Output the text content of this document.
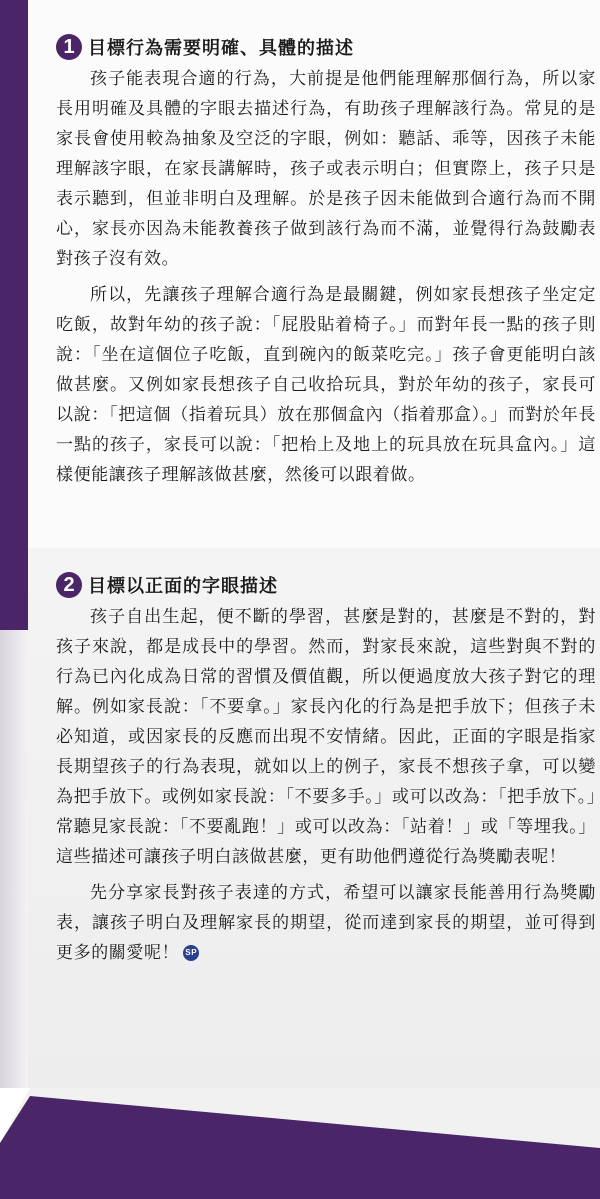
1 目標行為需要明確、具體的描述

孩子能表現合適的行為，大前提是他們能理解那個行為，所以家長用明確及具體的字眼去描述行為，有助孩子理解該行為。常見的是家長會使用較為抽象及空泛的字眼，例如：聽話、乖等，因孩子未能理解該字眼，在家長講解時，孩子或表示明白；但實際上，孩子只是表示聽到，但並非明白及理解。於是孩子因未能做到合適行為而不開心，家長亦因為未能教養孩子做到該行為而不滿，並覺得行為鼓勵表對孩子沒有效。

所以，先讓孩子理解合適行為是最關鍵，例如家長想孩子坐定定吃飯，故對年幼的孩子說：「屁股貼着椅子。」而對年長一點的孩子則說：「坐在這個位子吃飯，直到碗內的飯菜吃完。」孩子會更能明白該做甚麼。又例如家長想孩子自己收拾玩具，對於年幼的孩子，家長可以說：「把這個（指着玩具）放在那個盒內（指着那盒）。」而對於年長一點的孩子，家長可以說：「把枱上及地上的玩具放在玩具盒內。」這樣便能讓孩子理解該做甚麼，然後可以跟着做。

2 目標以正面的字眼描述

孩子自出生起，便不斷的學習，甚麼是對的，甚麼是不對的，對孩子來說，都是成長中的學習。然而，對家長來說，這些對與不對的行為已內化成為日常的習慣及價值觀，所以便過度放大孩子對它的理解。例如家長說：「不要拿。」家長內化的行為是把手放下；但孩子未必知道，或因家長的反應而出現不安情緒。因此，正面的字眼是指家長期望孩子的行為表現，就如以上的例子，家長不想孩子拿，可以變為把手放下。或例如家長說：「不要多手。」或可以改為：「把手放下。」常聽見家長說：「不要亂跑！」或可以改為：「站着！」或「等埋我。」這些描述可讓孩子明白該做甚麼，更有助他們遵從行為獎勵表呢！

先分享家長對孩子表達的方式，希望可以讓家長能善用行為獎勵表，讓孩子明白及理解家長的期望，從而達到家長的期望，並可得到更多的關愛呢！ SP
